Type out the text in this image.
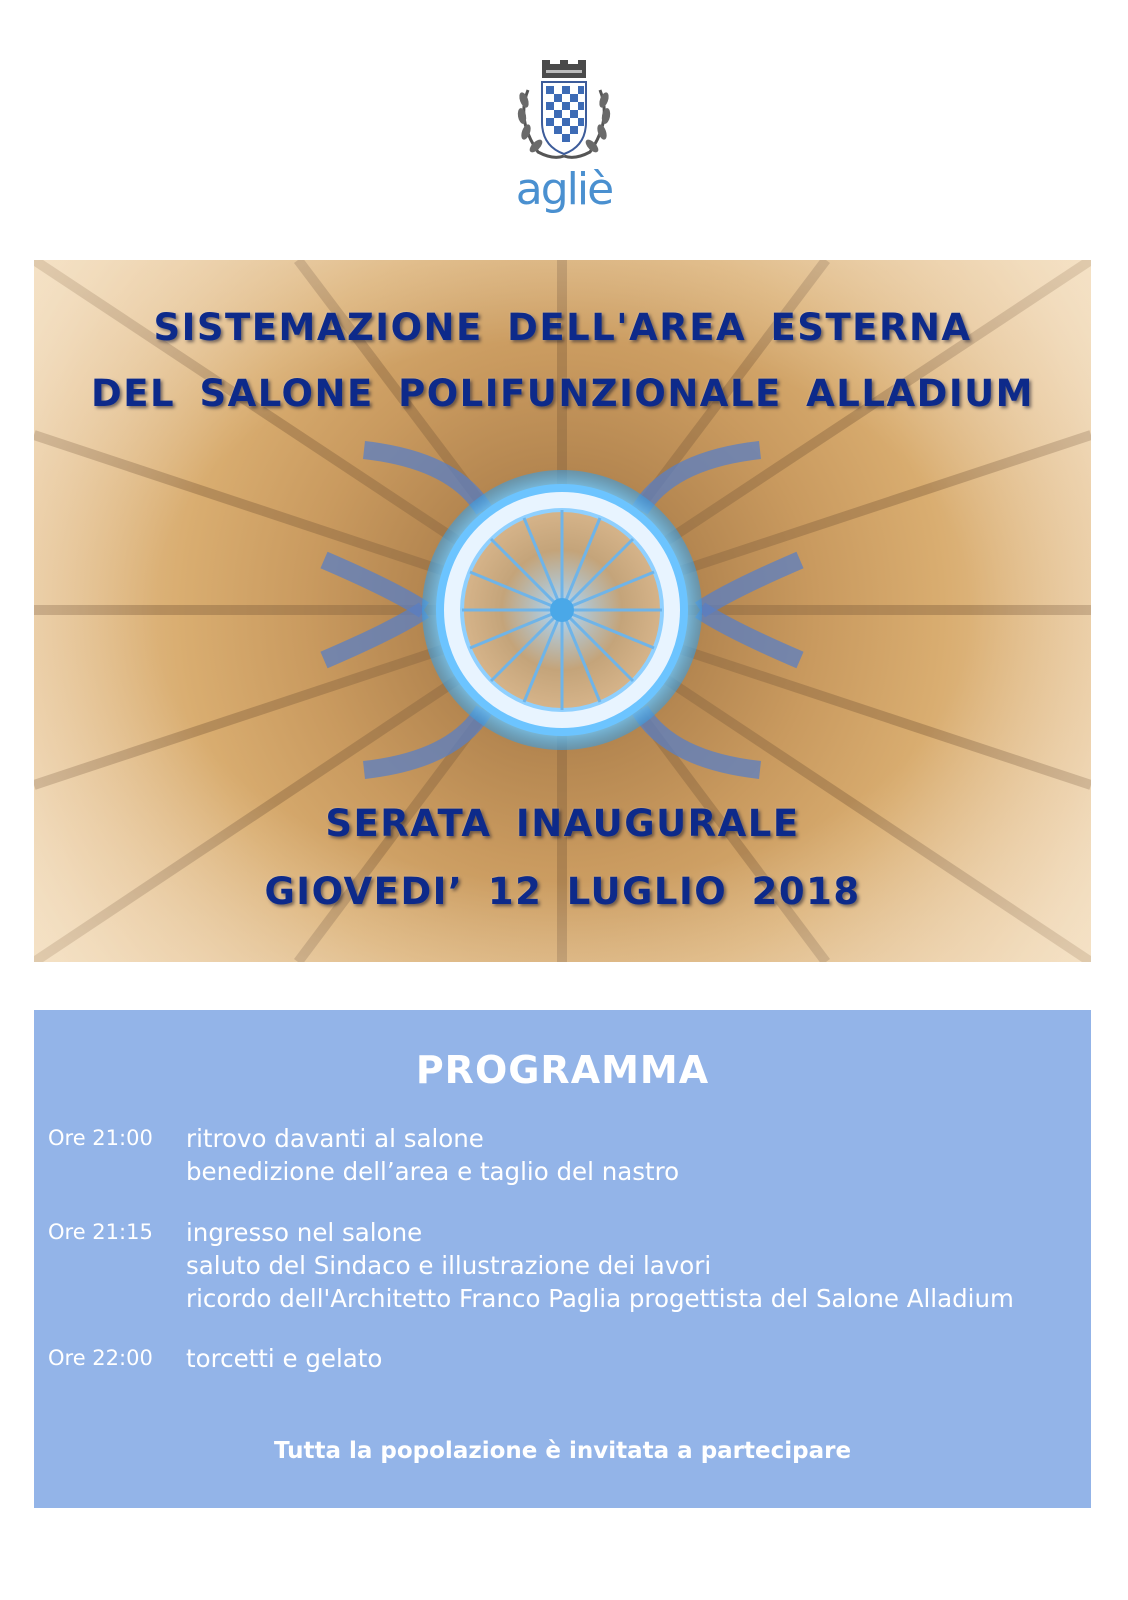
agliè
SISTEMAZIONE DELL'AREA ESTERNA
DEL SALONE POLIFUNZIONALE ALLADIUM
SERATA INAUGURALE
GIOVEDI’ 12 LUGLIO 2018
PROGRAMMA
Ore 21:00 ritrovo davanti al salone
benedizione dell’area e taglio del nastro
Ore 21:15 ingresso nel salone
saluto del Sindaco e illustrazione dei lavori
ricordo dell'Architetto Franco Paglia progettista del Salone Alladium
Ore 22:00 torcetti e gelato
Tutta la popolazione è invitata a partecipare
